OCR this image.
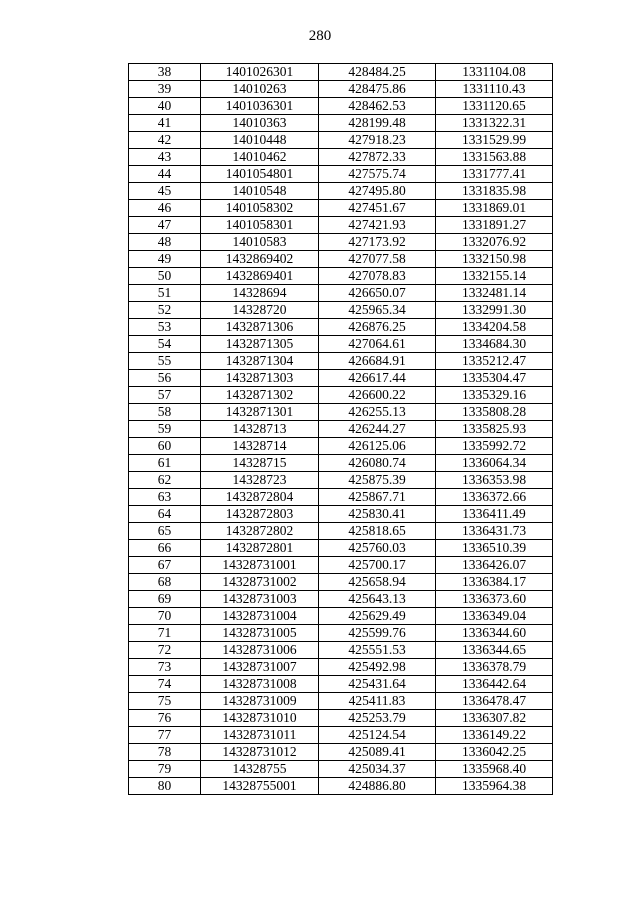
280
38	1401026301	428484.25	1331104.08
39	14010263	428475.86	1331110.43
40	1401036301	428462.53	1331120.65
41	14010363	428199.48	1331322.31
42	14010448	427918.23	1331529.99
43	14010462	427872.33	1331563.88
44	1401054801	427575.74	1331777.41
45	14010548	427495.80	1331835.98
46	1401058302	427451.67	1331869.01
47	1401058301	427421.93	1331891.27
48	14010583	427173.92	1332076.92
49	1432869402	427077.58	1332150.98
50	1432869401	427078.83	1332155.14
51	14328694	426650.07	1332481.14
52	14328720	425965.34	1332991.30
53	1432871306	426876.25	1334204.58
54	1432871305	427064.61	1334684.30
55	1432871304	426684.91	1335212.47
56	1432871303	426617.44	1335304.47
57	1432871302	426600.22	1335329.16
58	1432871301	426255.13	1335808.28
59	14328713	426244.27	1335825.93
60	14328714	426125.06	1335992.72
61	14328715	426080.74	1336064.34
62	14328723	425875.39	1336353.98
63	1432872804	425867.71	1336372.66
64	1432872803	425830.41	1336411.49
65	1432872802	425818.65	1336431.73
66	1432872801	425760.03	1336510.39
67	14328731001	425700.17	1336426.07
68	14328731002	425658.94	1336384.17
69	14328731003	425643.13	1336373.60
70	14328731004	425629.49	1336349.04
71	14328731005	425599.76	1336344.60
72	14328731006	425551.53	1336344.65
73	14328731007	425492.98	1336378.79
74	14328731008	425431.64	1336442.64
75	14328731009	425411.83	1336478.47
76	14328731010	425253.79	1336307.82
77	14328731011	425124.54	1336149.22
78	14328731012	425089.41	1336042.25
79	14328755	425034.37	1335968.40
80	14328755001	424886.80	1335964.38
